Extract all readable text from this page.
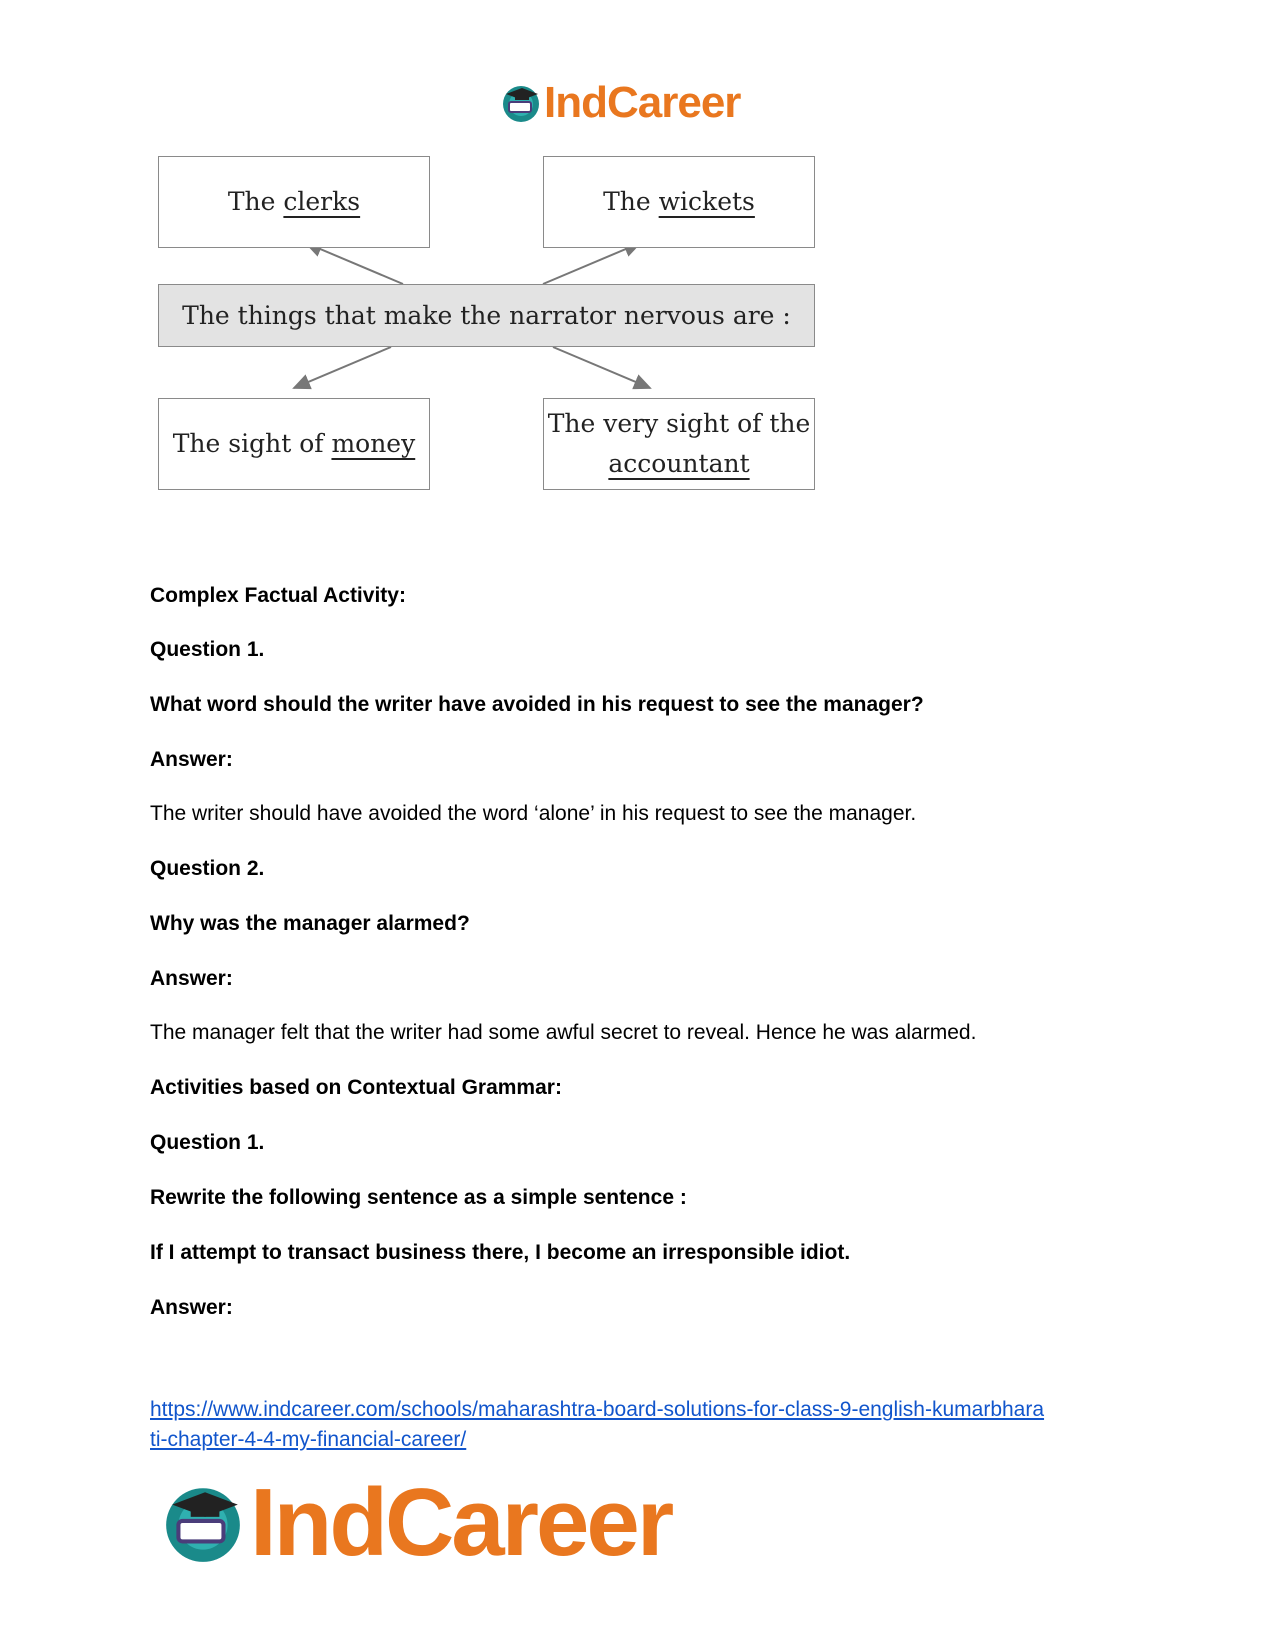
IndCareer
The clerks	The wickets
The things that make the narrator nervous are :
The sight of money
The very sight of the
accountant
Complex Factual Activity:
Question 1.
What word should the writer have avoided in his request to see the manager?
Answer:
The writer should have avoided the word ‘alone’ in his request to see the manager.
Question 2.
Why was the manager alarmed?
Answer:
The manager felt that the writer had some awful secret to reveal. Hence he was alarmed.
Activities based on Contextual Grammar:
Question 1.
Rewrite the following sentence as a simple sentence :
If I attempt to transact business there, I become an irresponsible idiot.
Answer:
https://www.indcareer.com/schools/maharashtra-board-solutions-for-class-9-english-kumarbhara
ti-chapter-4-4-my-financial-career/
IndCareer
